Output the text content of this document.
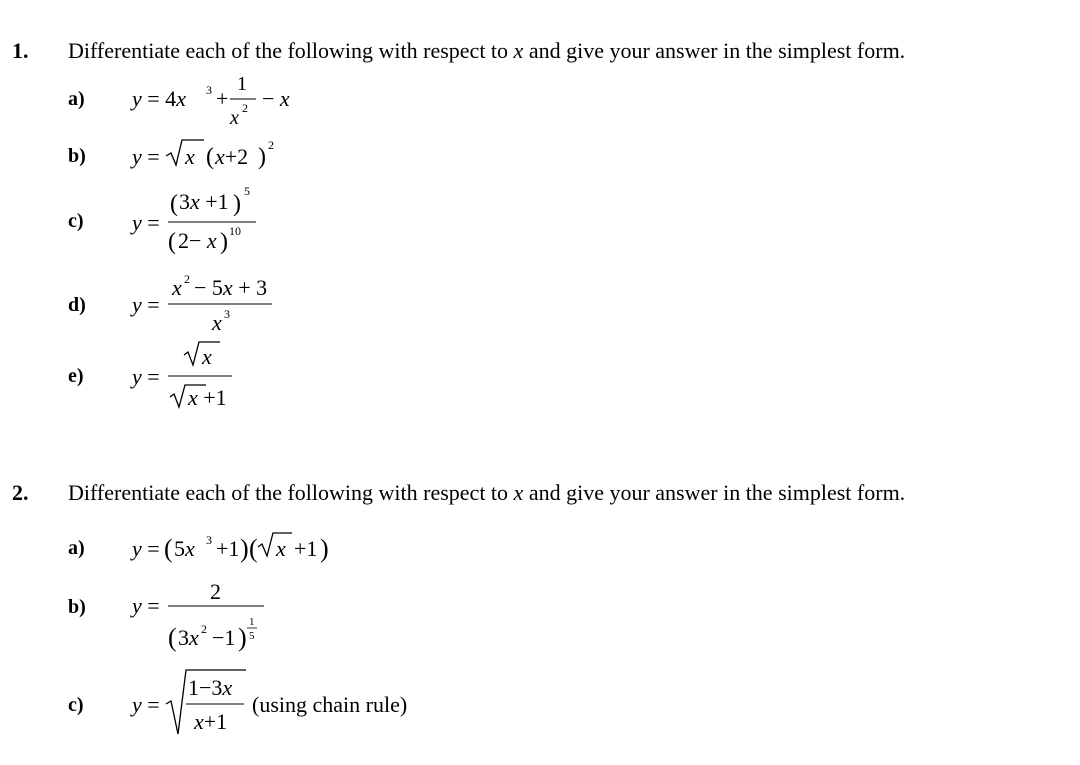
1. Differentiate each of the following with respect to x and give your answer in the simplest form.
a) y = 4x 3 +
1
x 2 − x
b) y = x ( x+2 ) 2
c) y =
( 3x +1 ) 5
( 2− x ) 10
d) y =
x 2 − 5x + 3
x 3
e) y =
x
x +1
2. Differentiate each of the following with respect to x and give your answer in the simplest form.
a) y = ( 5x 3 +1 ) ( x +1 )
b) y =
2
( 3x 2 −1 )
1
5
c) y =
1−3x
x+1
(using chain rule)
